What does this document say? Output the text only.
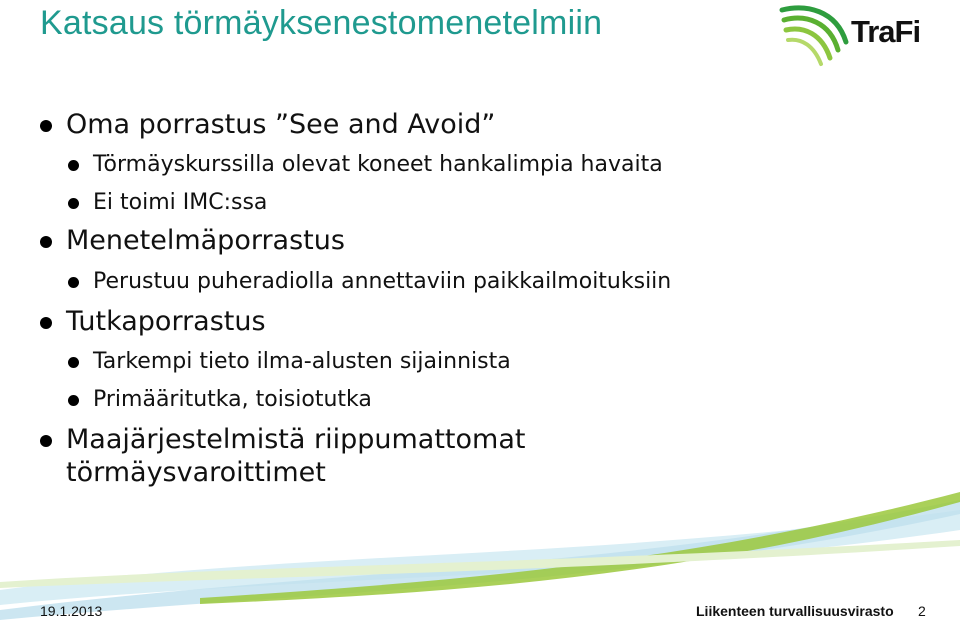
Katsaus törmäyksenestomenetelmiin	TraFi
Oma porrastus ”See and Avoid”
Törmäyskurssilla olevat koneet hankalimpia havaita
Ei toimi IMC:ssa
Menetelmäporrastus
Perustuu puheradiolla annettaviin paikkailmoituksiin
Tutkaporrastus
Tarkempi tieto ilma-alusten sijainnista
Primääritutka, toisiotutka
Maajärjestelmistä riippumattomat törmäysvaroittimet
19.1.2013	Liikenteen turvallisuusvirasto 2
